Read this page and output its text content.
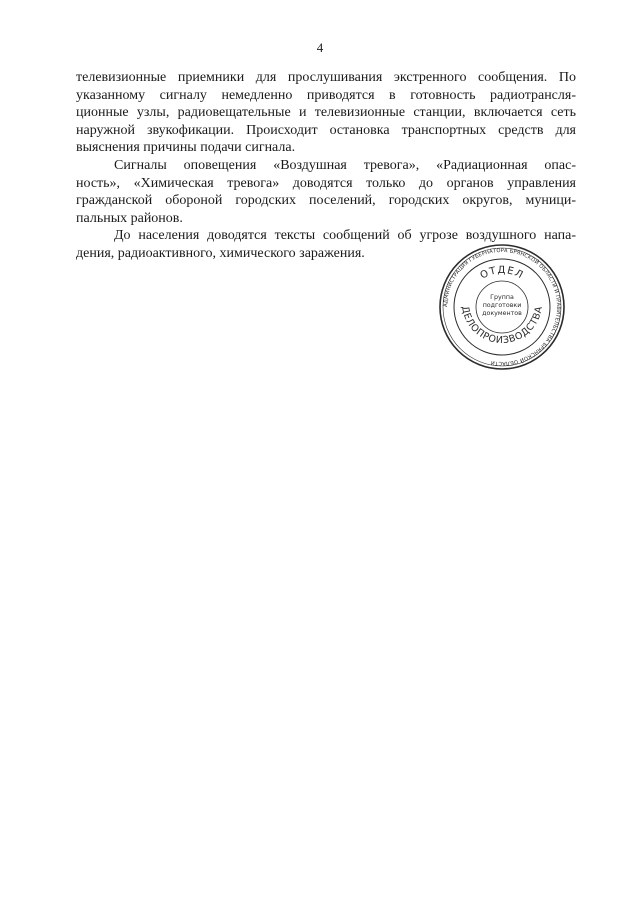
4
телевизионные приемники для прослушивания экстренного сообщения. По
указанному сигналу немедленно приводятся в готовность радиотрансля-
ционные узлы, радиовещательные и телевизионные станции, включается сеть
наружной звукофикации. Происходит остановка транспортных средств для
выяснения причины подачи сигнала.
Сигналы оповещения «Воздушная тревога», «Радиационная опас-
ность», «Химическая тревога» доводятся только до органов управления
гражданской обороной городских поселений, городских округов, муници-
пальных районов.
До населения доводятся тексты сообщений об угрозе воздушного напа-
дения, радиоактивного, химического заражения.
АДМИНИСТРАЦИЯ ГУБЕРНАТОРА БРЯНСКОЙ ОБЛАСТИ И ПРАВИТЕЛЬСТВА БРЯНСКОЙ ОБЛАСТИ
ОТДЕЛ
ДЕЛОПРОИЗВОДСТВА
Группа
подготовки
документов
